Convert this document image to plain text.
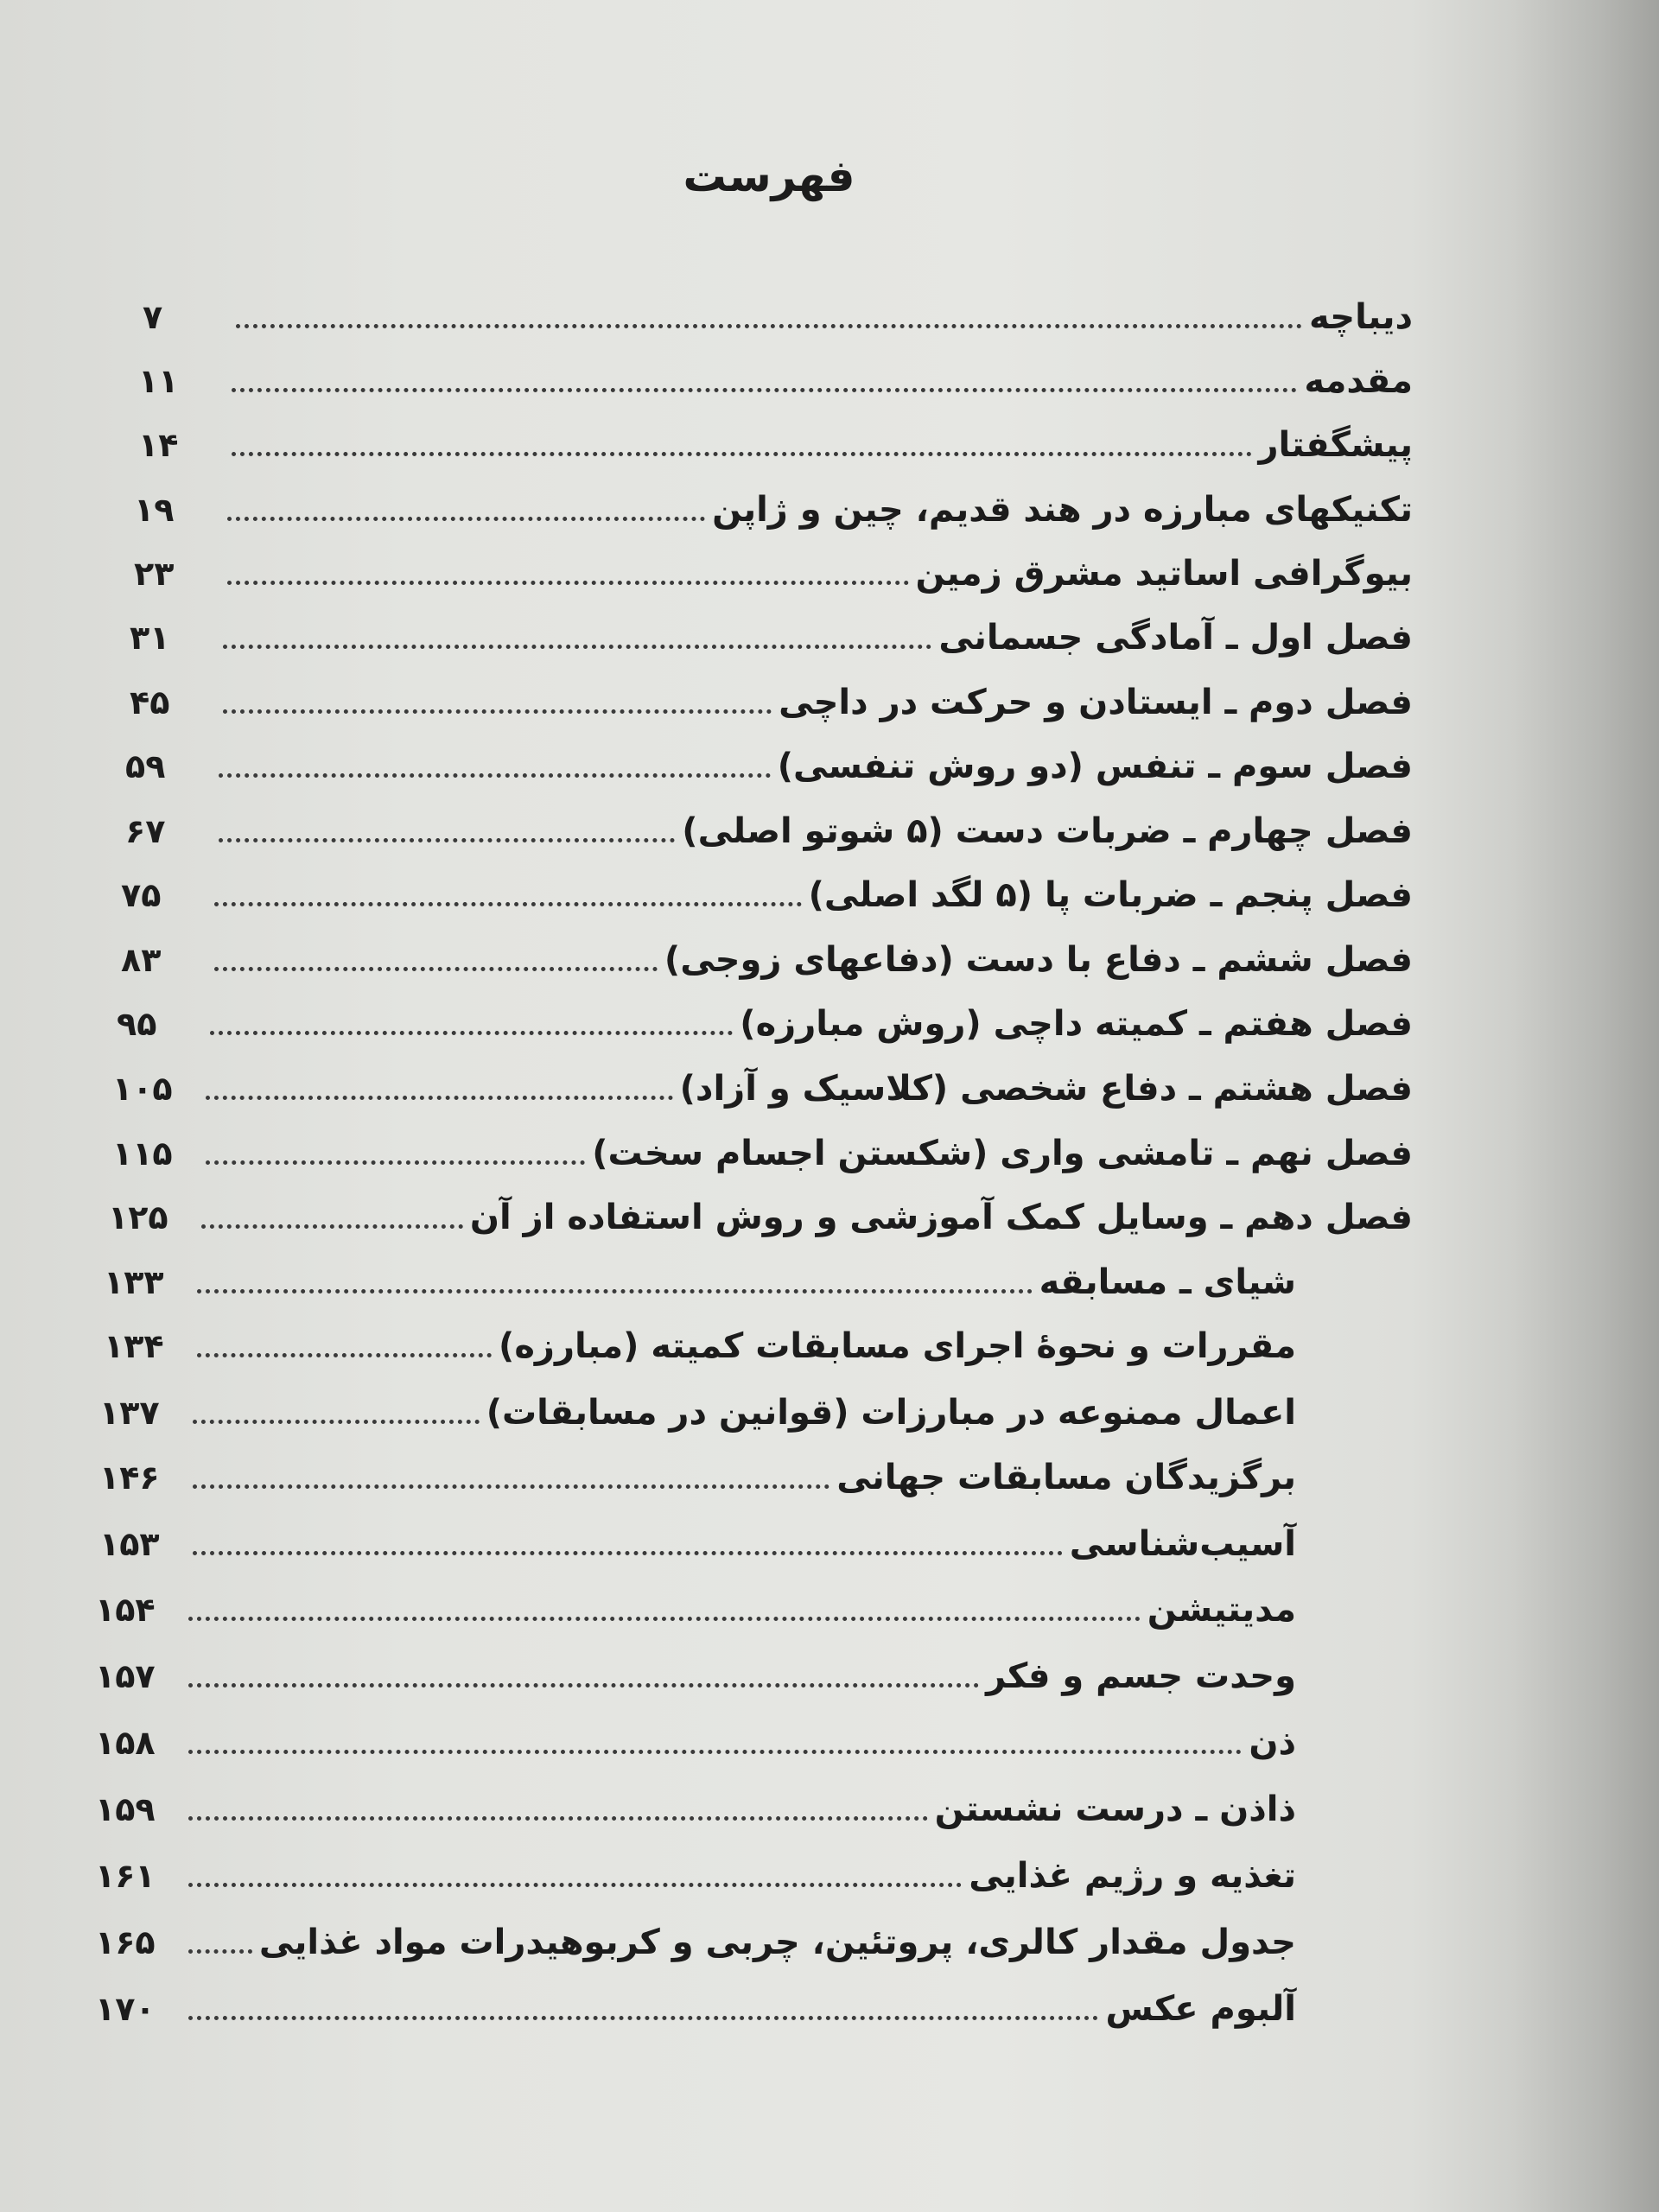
فهرست
دیباچه
۷
مقدمه
۱۱
پیشگفتار
۱۴
تکنیکهای مبارزه در هند قدیم، چین و ژاپن
۱۹
بیوگرافی اساتید مشرق زمین
۲۳
فصل اول ـ آمادگی جسمانی
۳۱
فصل دوم ـ ایستادن و حرکت در داچی
۴۵
فصل سوم ـ تنفس (دو روش تنفسی)
۵۹
فصل چهارم ـ ضربات دست (۵ شوتو اصلی)
۶۷
فصل پنجم ـ ضربات پا (۵ لگد اصلی)
۷۵
فصل ششم ـ دفاع با دست (دفاعهای زوجی)
۸۳
فصل هفتم ـ کمیته داچی (روش مبارزه)
۹۵
فصل هشتم ـ دفاع شخصی (کلاسیک و آزاد)
۱۰۵
فصل نهم ـ تامشی واری (شکستن اجسام سخت)
۱۱۵
فصل دهم ـ وسایل کمک آموزشی و روش استفاده از آن
۱۲۵
شیای ـ مسابقه
۱۳۳
مقررات و نحوهٔ اجرای مسابقات کمیته (مبارزه)
۱۳۴
اعمال ممنوعه در مبارزات (قوانین در مسابقات)
۱۳۷
برگزیدگان مسابقات جهانی
۱۴۶
آسیب‌شناسی
۱۵۳
مدیتیشن
۱۵۴
وحدت جسم و فکر
۱۵۷
ذن
۱۵۸
ذاذن ـ درست نشستن
۱۵۹
تغذیه و رژیم غذایی
۱۶۱
جدول مقدار کالری، پروتئین، چربی و کربوهیدرات مواد غذایی
۱۶۵
آلبوم عکس
۱۷۰
